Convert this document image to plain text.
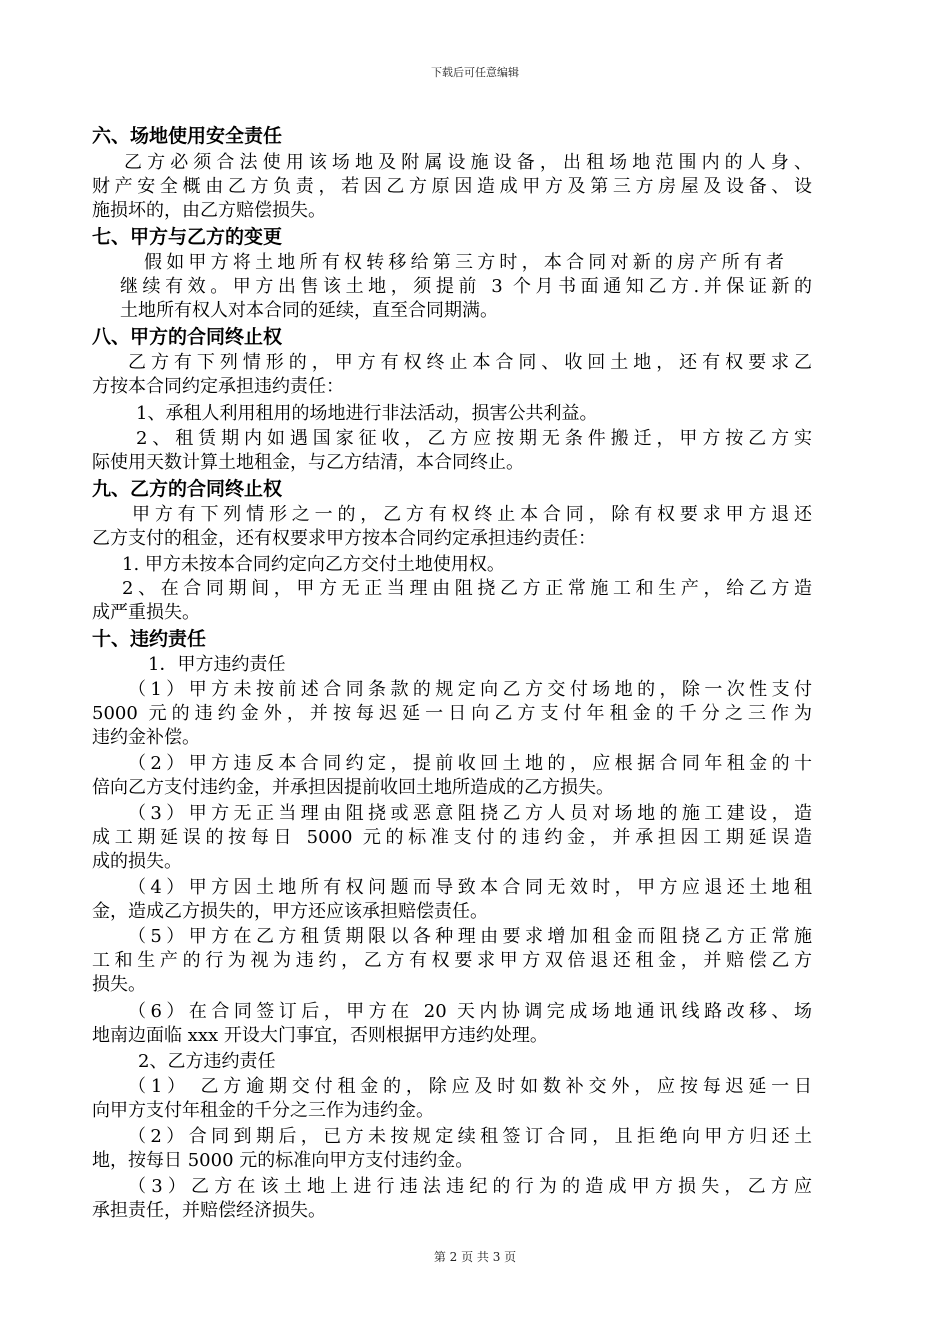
下载后可任意编辑
六、场地使用安全责任
乙方必须合法使用该场地及附属设施设备，出租场地范围内的人身、
财产安全概由乙方负责，若因乙方原因造成甲方及第三方房屋及设备、设
施损坏的，由乙方赔偿损失。
七、甲方与乙方的变更
假如甲方将土地所有权转移给第三方时，本合同对新的房产所有者
继续有效。甲方出售该土地，须提前 3 个月书面通知乙方.并保证新的
土地所有权人对本合同的延续，直至合同期满。
八、甲方的合同终止权
乙方有下列情形的，甲方有权终止本合同、收回土地，还有权要求乙
方按本合同约定承担违约责任：
1、承租人利用租用的场地进行非法活动，损害公共利益。
2、租赁期内如遇国家征收，乙方应按期无条件搬迁，甲方按乙方实
际使用天数计算土地租金，与乙方结清，本合同终止。
九、乙方的合同终止权
甲方有下列情形之一的，乙方有权终止本合同，除有权要求甲方退还
乙方支付的租金，还有权要求甲方按本合同约定承担违约责任：
1. 甲方未按本合同约定向乙方交付土地使用权。
2、在合同期间，甲方无正当理由阻挠乙方正常施工和生产，给乙方造
成严重损失。
十、违约责任
1．甲方违约责任
（1）甲方未按前述合同条款的规定向乙方交付场地的，除一次性支付
5000 元的违约金外，并按每迟延一日向乙方支付年租金的千分之三作为
违约金补偿。
（2）甲方违反本合同约定，提前收回土地的，应根据合同年租金的十
倍向乙方支付违约金，并承担因提前收回土地所造成的乙方损失。
（3）甲方无正当理由阻挠或恶意阻挠乙方人员对场地的施工建设，造
成工期延误的按每日 5000 元的标准支付的违约金，并承担因工期延误造
成的损失。
（4）甲方因土地所有权问题而导致本合同无效时，甲方应退还土地租
金，造成乙方损失的，甲方还应该承担赔偿责任。
（5）甲方在乙方租赁期限以各种理由要求增加租金而阻挠乙方正常施
工和生产的行为视为违约，乙方有权要求甲方双倍退还租金，并赔偿乙方
损失。
（6）在合同签订后，甲方在 20 天内协调完成场地通讯线路改移、场
地南边面临 xxx 开设大门事宜，否则根据甲方违约处理。
2、乙方违约责任
（1） 乙方逾期交付租金的，除应及时如数补交外，应按每迟延一日
向甲方支付年租金的千分之三作为违约金。
（2）合同到期后，已方未按规定续租签订合同，且拒绝向甲方归还土
地，按每日 5000 元的标准向甲方支付违约金。
（3）乙方在该土地上进行违法违纪的行为的造成甲方损失，乙方应
承担责任，并赔偿经济损失。
第 2 页 共 3 页
